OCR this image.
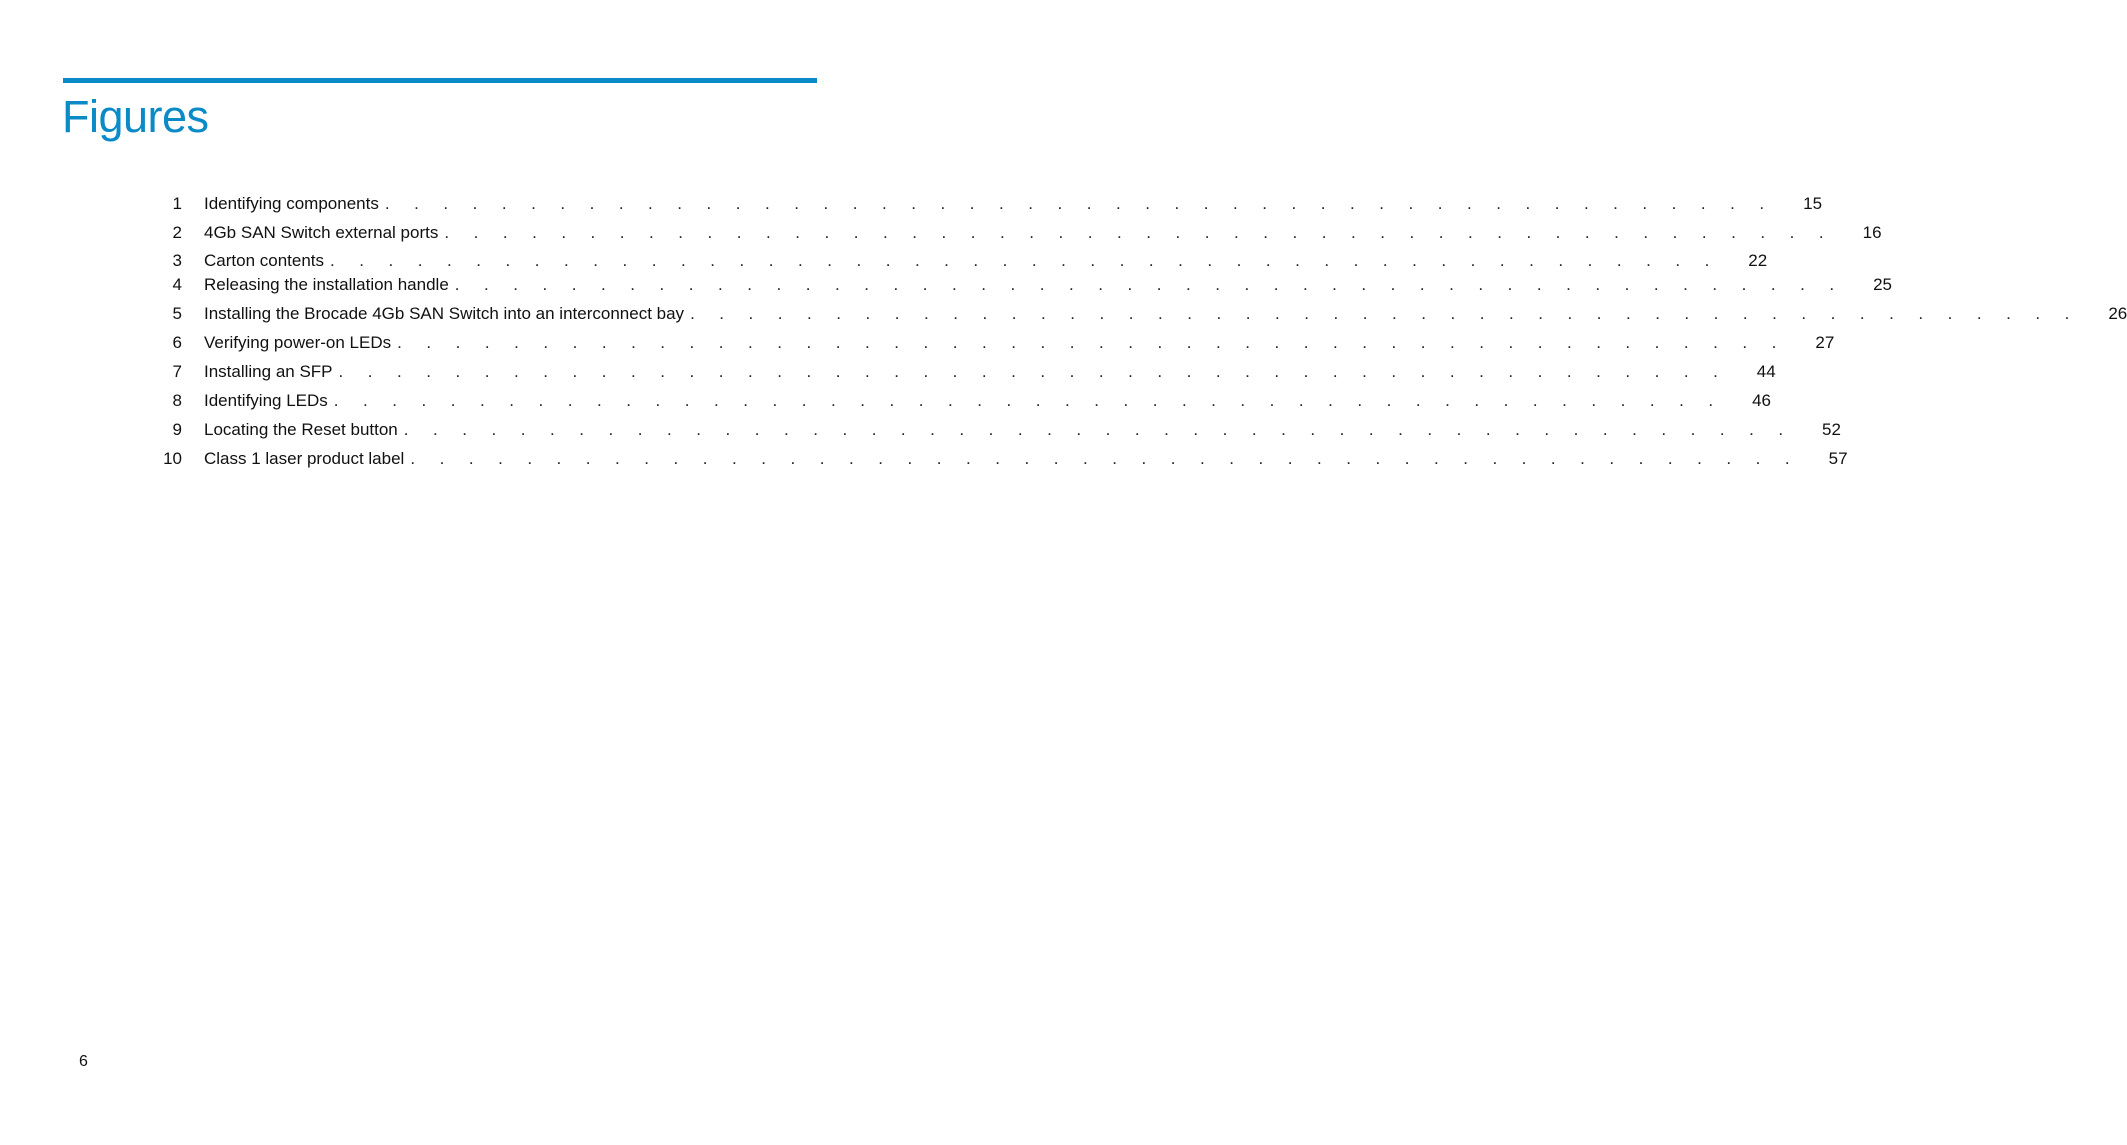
Figures
1 Identifying components . . . . . . . . . . . . . . . . . . . . . . . . . . . . . . . . . . . . . . . . . . . . . . . .	15
2 4Gb SAN Switch external ports . . . . . . . . . . . . . . . . . . . . . . . . . . . . . . . . . . . . . . . . . . . . . . . .	16
3 Carton contents . . . . . . . . . . . . . . . . . . . . . . . . . . . . . . . . . . . . . . . . . . . . . . . .	22
4 Releasing the installation handle . . . . . . . . . . . . . . . . . . . . . . . . . . . . . . . . . . . . . . . . . . . . . . . .	25
5 Installing the Brocade 4Gb SAN Switch into an interconnect bay . . . . . . . . . . . . . . . . . . . . . . . . . . . . . . . . . . . . . . . . . . . . . . . .	26
6 Verifying power-on LEDs . . . . . . . . . . . . . . . . . . . . . . . . . . . . . . . . . . . . . . . . . . . . . . . .	27
7 Installing an SFP . . . . . . . . . . . . . . . . . . . . . . . . . . . . . . . . . . . . . . . . . . . . . . . .	44
8 Identifying LEDs . . . . . . . . . . . . . . . . . . . . . . . . . . . . . . . . . . . . . . . . . . . . . . . .	46
9 Locating the Reset button . . . . . . . . . . . . . . . . . . . . . . . . . . . . . . . . . . . . . . . . . . . . . . . .	52
10 Class 1 laser product label . . . . . . . . . . . . . . . . . . . . . . . . . . . . . . . . . . . . . . . . . . . . . . . .	57
6
